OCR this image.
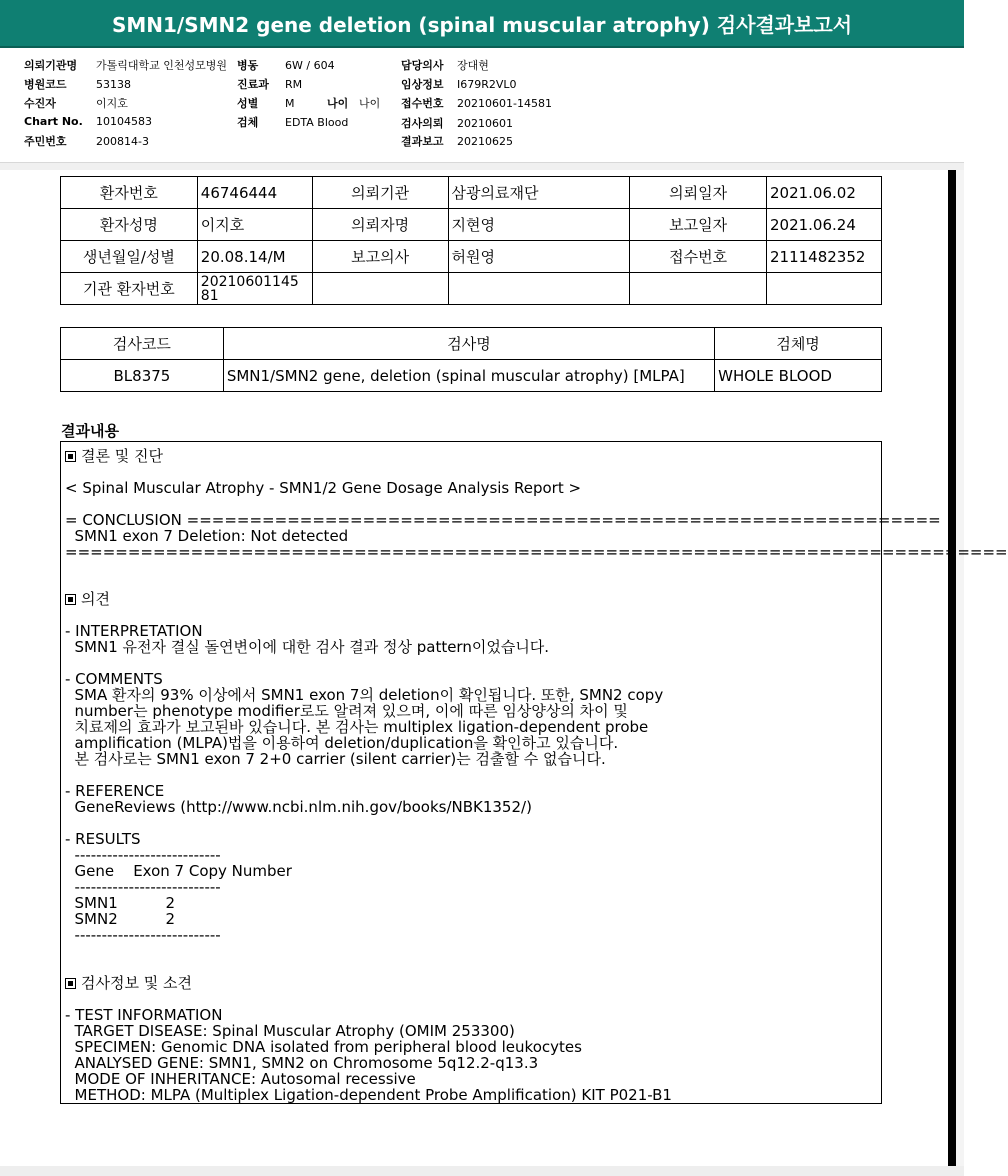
SMN1/SMN2 gene deletion (spinal muscular atrophy) 검사결과보고서
의뢰기관명 가톨릭대학교 인천성모병원
병원코드	53138
수진자	이지호
Chart No. 10104583
주민번호	200814-3
병동 6W / 604
진료과 RM
성별 M	나이 나이
검체 EDTA Blood
담당의사 장대현
임상정보 I679R2VL0
접수번호 20210601-14581
검사의뢰 20210601
결과보고 20210625
환자번호	46746444	의뢰기관	삼광의료재단	의뢰일자	2021.06.02
환자성명	이지호	의뢰자명	지현영	보고일자	2021.06.24
생년월일/성별	20.08.14/M	보고의사	허원영	접수번호	2111482352
기관 환자번호	20210601145
81				

검사코드	검사명	검체명
BL8375	SMN1/SMN2 gene, deletion (spinal muscular atrophy) [MLPA]	WHOLE BLOOD
결과내용
결론 및 진단
< Spinal Muscular Atrophy - SMN1/2 Gene Dosage Analysis Report >
= CONCLUSION ============================================================
SMN1 exon 7 Deletion: Not detected
===========================================================================
의견
- INTERPRETATION
SMN1 유전자 결실 돌연변이에 대한 검사 결과 정상 pattern이었습니다.
- COMMENTS
SMA 환자의 93% 이상에서 SMN1 exon 7의 deletion이 확인됩니다. 또한, SMN2 copy
number는 phenotype modifier로도 알려져 있으며, 이에 따른 임상양상의 차이 및
치료제의 효과가 보고된바 있습니다. 본 검사는 multiplex ligation-dependent probe
amplification (MLPA)법을 이용하여 deletion/duplication을 확인하고 있습니다.
본 검사로는 SMN1 exon 7 2+0 carrier (silent carrier)는 검출할 수 없습니다.
- REFERENCE
GeneReviews (http://www.ncbi.nlm.nih.gov/books/NBK1352/)
- RESULTS
---------------------------
Gene    Exon 7 Copy Number
---------------------------
SMN1          2
SMN2          2
---------------------------
검사정보 및 소견
- TEST INFORMATION
TARGET DISEASE: Spinal Muscular Atrophy (OMIM 253300)
SPECIMEN: Genomic DNA isolated from peripheral blood leukocytes
ANALYSED GENE: SMN1, SMN2 on Chromosome 5q12.2-q13.3
MODE OF INHERITANCE: Autosomal recessive
METHOD: MLPA (Multiplex Ligation-dependent Probe Amplification) KIT P021-B1
